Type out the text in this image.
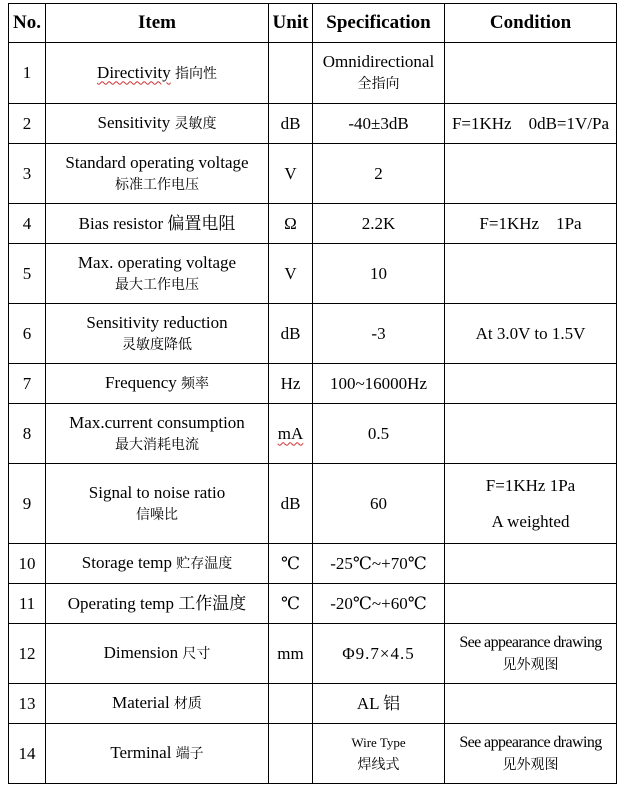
No.	Item	Unit	Specification	Condition
1	Directivity 指向性		Omnidirectional
全指向	

2	Sensitivity 灵敏度	dB	-40±3dB	F=1KHz    0dB=1V/Pa
3	Standard operating voltage
标准工作电压	V	2	
4	Bias resistor 偏置电阻	Ω	2.2K	F=1KHz    1Pa
5	Max. operating voltage
最大工作电压	V	10	
6	Sensitivity reduction
灵敏度降低	dB	-3	At 3.0V to 1.5V
7	Frequency 频率	Hz	100~16000Hz	
8	Max.current consumption
最大消耗电流	mA	0.5	
9	Signal to noise ratio
信噪比	dB	60	F=1KHz 1Pa
A weighted

10	Storage temp 贮存温度	℃	-25℃~+70℃	
11	Operating temp 工作温度	℃	-20℃~+60℃	
12	Dimension 尺寸	mm	Φ9.7×4.5	See appearance drawing
见外观图

13	Material 材质		AL 铝	
14	Terminal 端子		Wire Type
焊线式	See appearance drawing
见外观图
